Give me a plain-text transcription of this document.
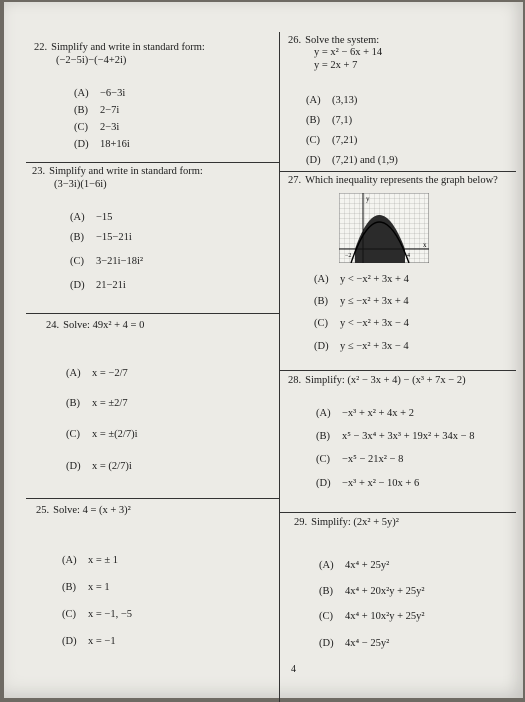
22. Simplify and write in standard form:
(−2−5i)−(−4+2i)
(A) −6−3i
(B) 2−7i
(C) 2−3i
(D) 18+16i
23. Simplify and write in standard form:
(3−3i)(1−6i)
(A) −15
(B) −15−21i
(C) 3−21i−18i²
(D) 21−21i
24. Solve: 49x² + 4 = 0
(A) x = −2/7
(B) x = ±2/7
(C) x = ±(2/7)i
(D) x = (2/7)i
25. Solve: 4 = (x + 3)²
(A) x = ± 1
(B) x = 1
(C) x = −1, −5
(D) x = −1
26. Solve the system:
y = x² − 6x + 14
y = 2x + 7
(A) (3,13)
(B) (7,1)
(C) (7,21)
(D) (7,21) and (1,9)
27. Which inequality represents the graph below?
y
x
4
−2	4
(A) y < −x² + 3x + 4
(B) y ≤ −x² + 3x + 4
(C) y < −x² + 3x − 4
(D) y ≤ −x² + 3x − 4
28. Simplify: (x² − 3x + 4) − (x³ + 7x − 2)
(A) −x³ + x² + 4x + 2
(B) x⁵ − 3x⁴ + 3x³ + 19x² + 34x − 8
(C) −x⁵ − 21x² − 8
(D) −x³ + x² − 10x + 6
29. Simplify: (2x² + 5y)²
(A) 4x⁴ + 25y²
(B) 4x⁴ + 20x²y + 25y²
(C) 4x⁴ + 10x²y + 25y²
(D) 4x⁴ − 25y²
4
